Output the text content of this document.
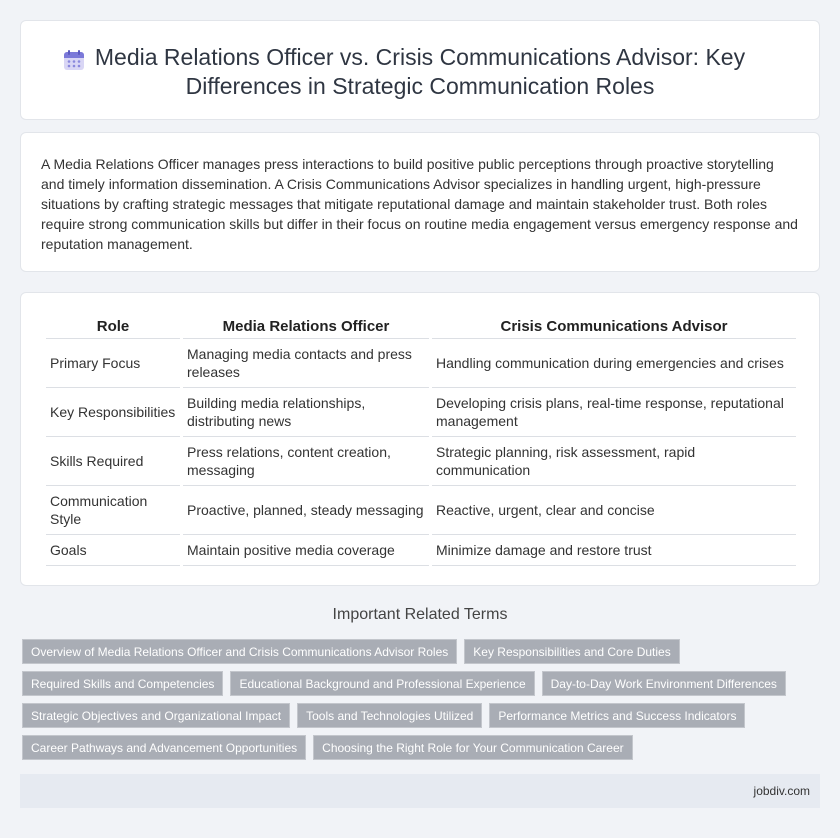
Media Relations Officer vs. Crisis Communications Advisor: Key Differences in Strategic Communication Roles

A Media Relations Officer manages press interactions to build positive public perceptions through proactive storytelling and timely information dissemination. A Crisis Communications Advisor specializes in handling urgent, high-pressure situations by crafting strategic messages that mitigate reputational damage and maintain stakeholder trust. Both roles require strong communication skills but differ in their focus on routine media engagement versus emergency response and reputation management.

Role	Media Relations Officer	Crisis Communications Advisor
Primary Focus	Managing media contacts and press releases	Handling communication during emergencies and crises
Key Responsibilities	Building media relationships, distributing news	Developing crisis plans, real-time response, reputational management
Skills Required	Press relations, content creation, messaging	Strategic planning, risk assessment, rapid communication
Communication Style	Proactive, planned, steady messaging	Reactive, urgent, clear and concise
Goals	Maintain positive media coverage	Minimize damage and restore trust
Important Related Terms
Overview of Media Relations Officer and Crisis Communications Advisor Roles	Key Responsibilities and Core Duties
Required Skills and Competencies	Educational Background and Professional Experience	Day-to-Day Work Environment Differences
Strategic Objectives and Organizational Impact	Tools and Technologies Utilized	Performance Metrics and Success Indicators
Career Pathways and Advancement Opportunities	Choosing the Right Role for Your Communication Career
jobdiv.com
